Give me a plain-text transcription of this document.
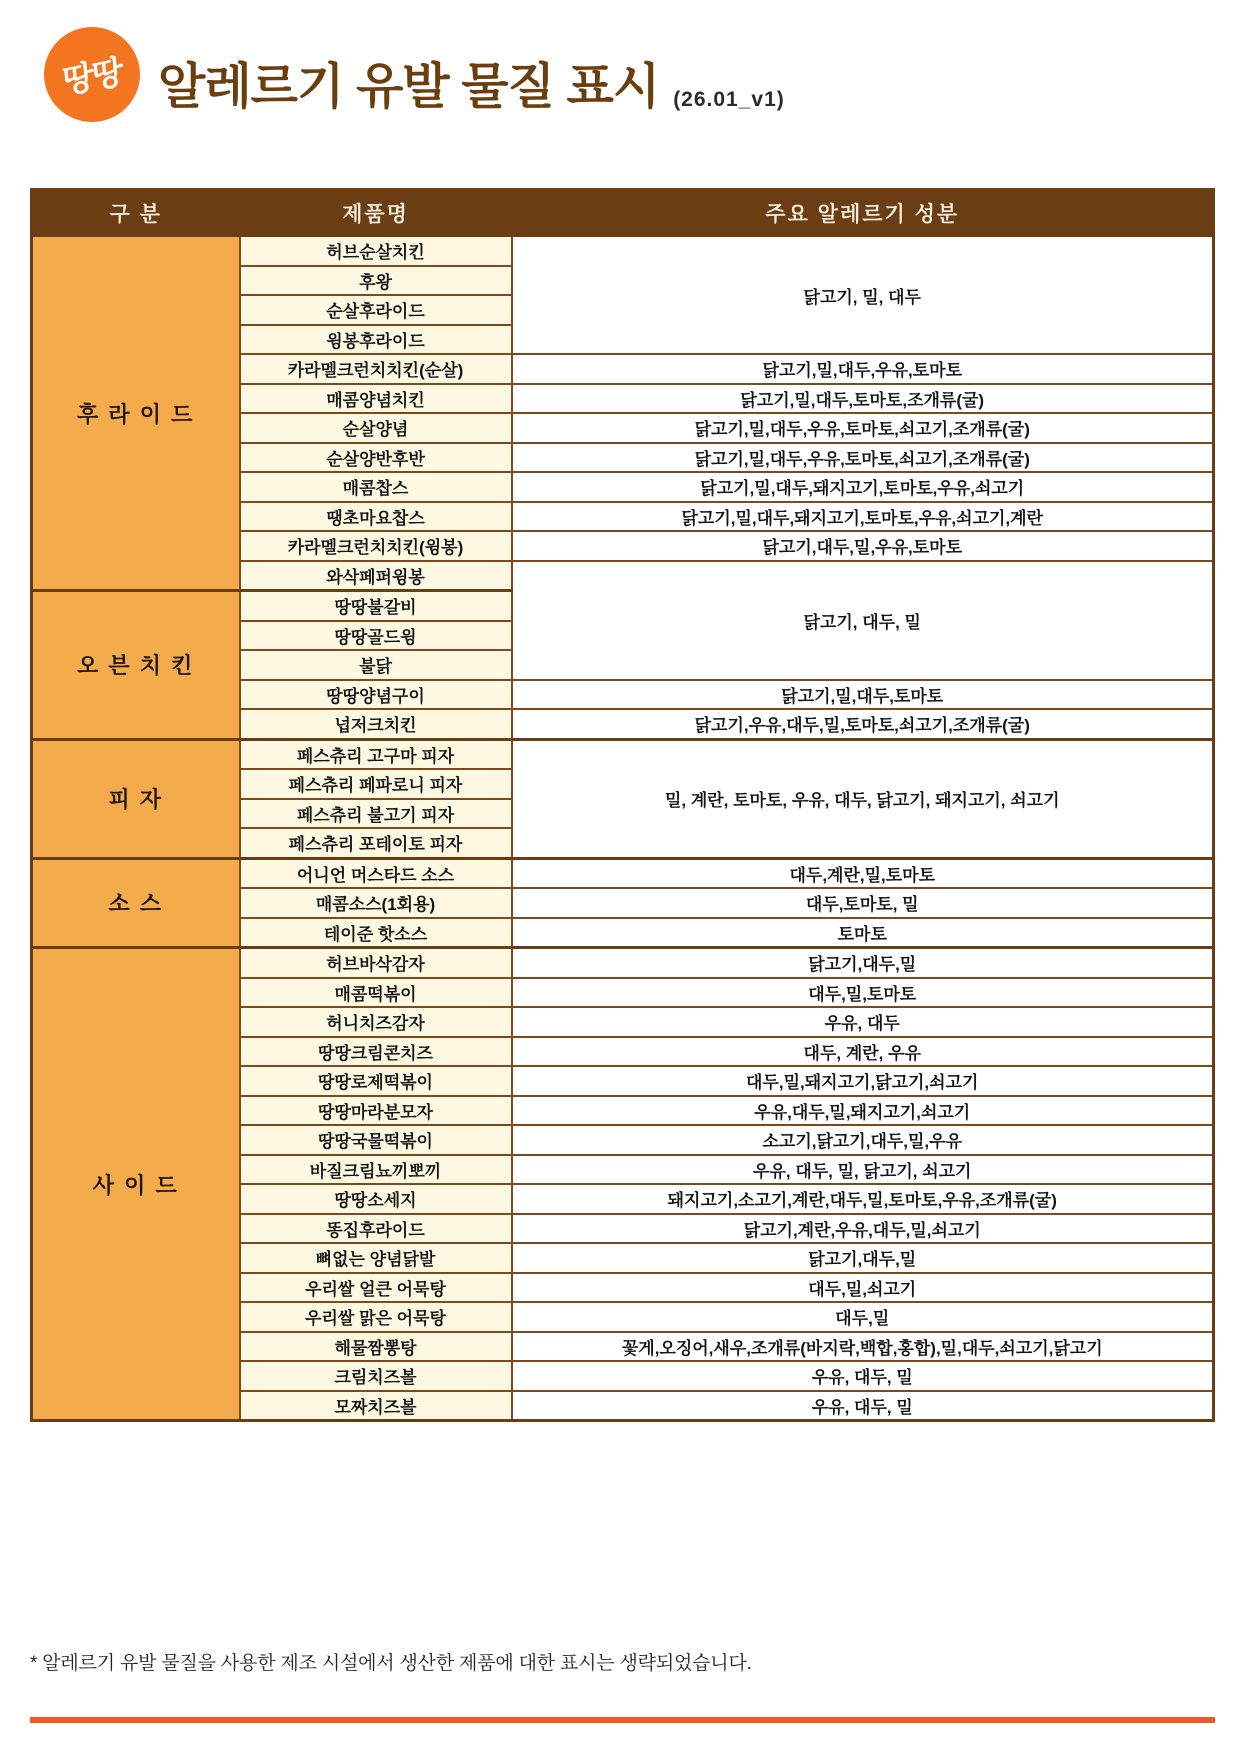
땅땅 알레르기 유발 물질 표시 (26.01_v1)
구 분	제품명	주요 알레르기 성분
후 라 이 드	허브순살치킨	닭고기, 밀, 대두
	후왕	
	순살후라이드	
	윙봉후라이드	
	카라멜크런치치킨(순살)	닭고기,밀,대두,우유,토마토
	매콤양념치킨	닭고기,밀,대두,토마토,조개류(굴)
	순살양념	닭고기,밀,대두,우유,토마토,쇠고기,조개류(굴)
	순살양반후반	닭고기,밀,대두,우유,토마토,쇠고기,조개류(굴)
	매콤찹스	닭고기,밀,대두,돼지고기,토마토,우유,쇠고기
	땡초마요찹스	닭고기,밀,대두,돼지고기,토마토,우유,쇠고기,계란
	카라멜크런치치킨(윙봉)	닭고기,대두,밀,우유,토마토
	와삭페퍼윙봉	닭고기, 대두, 밀
오 븐 치 킨	땅땅불갈비	
	땅땅골드윙	
	불닭	
	땅땅양념구이	닭고기,밀,대두,토마토
	넙저크치킨	닭고기,우유,대두,밀,토마토,쇠고기,조개류(굴)
피 자	페스츄리 고구마 피자	밀, 계란, 토마토, 우유, 대두, 닭고기, 돼지고기, 쇠고기
	페스츄리 페파로니 피자	
	페스츄리 불고기 피자	
	페스츄리 포테이토 피자	
소 스	어니언 머스타드 소스	대두,계란,밀,토마토
	매콤소스(1회용)	대두,토마토, 밀
	테이준 핫소스	토마토
사 이 드	허브바삭감자	닭고기,대두,밀
	매콤떡볶이	대두,밀,토마토
	허니치즈감자	우유, 대두
	땅땅크림콘치즈	대두, 계란, 우유
	땅땅로제떡볶이	대두,밀,돼지고기,닭고기,쇠고기
	땅땅마라분모자	우유,대두,밀,돼지고기,쇠고기
	땅땅국물떡볶이	소고기,닭고기,대두,밀,우유
	바질크림뇨끼뽀끼	우유, 대두, 밀, 닭고기, 쇠고기
	땅땅소세지	돼지고기,소고기,계란,대두,밀,토마토,우유,조개류(굴)
	똥집후라이드	닭고기,계란,우유,대두,밀,쇠고기
	뼈없는 양념닭발	닭고기,대두,밀
	우리쌀 얼큰 어묵탕	대두,밀,쇠고기
	우리쌀 맑은 어묵탕	대두,밀
	해물짬뽕탕	꽃게,오징어,새우,조개류(바지락,백합,홍합),밀,대두,쇠고기,닭고기
	크림치즈볼	우유, 대두, 밀
	모짜치즈볼	우유, 대두, 밀
* 알레르기 유발 물질을 사용한 제조 시설에서 생산한 제품에 대한 표시는 생략되었습니다.
